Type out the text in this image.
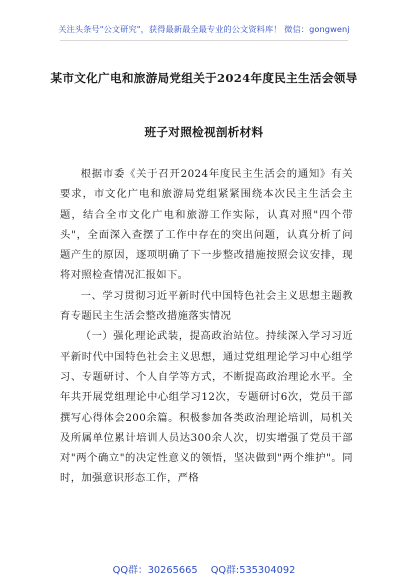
关注头条号"公文研究"，获得最新最全最专业的公文资料库！ 微信：gongwenj
某市文化广电和旅游局党组关于2024年度民主生活会领导
班子对照检视剖析材料

根据市委《关于召开2024年度民主生活会的通知》有关要求，市文化广电和旅游局党组紧紧围绕本次民主生活会主题，结合全市文化广电和旅游工作实际，认真对照"四个带头"，全面深入查摆了工作中存在的突出问题，认真分析了问题产生的原因，逐项明确了下一步整改措施按照会议安排，现将对照检查情况汇报如下。

一、学习贯彻习近平新时代中国特色社会主义思想主题教育专题民主生活会整改措施落实情况

（一）强化理论武装，提高政治站位。持续深入学习习近平新时代中国特色社会主义思想，通过党组理论学习中心组学习、专题研讨、个人自学等方式，不断提高政治理论水平。全年共开展党组理论中心组学习12次，专题研讨6次，党员干部撰写心得体会200余篇。积极参加各类政治理论培训，局机关及所属单位累计培训人员达300余人次，切实增强了党员干部对"两个确立"的决定性意义的领悟，坚决做到"两个维护"。同时，加强意识形态工作，严格

QQ群：30265665 QQ群:535304092
